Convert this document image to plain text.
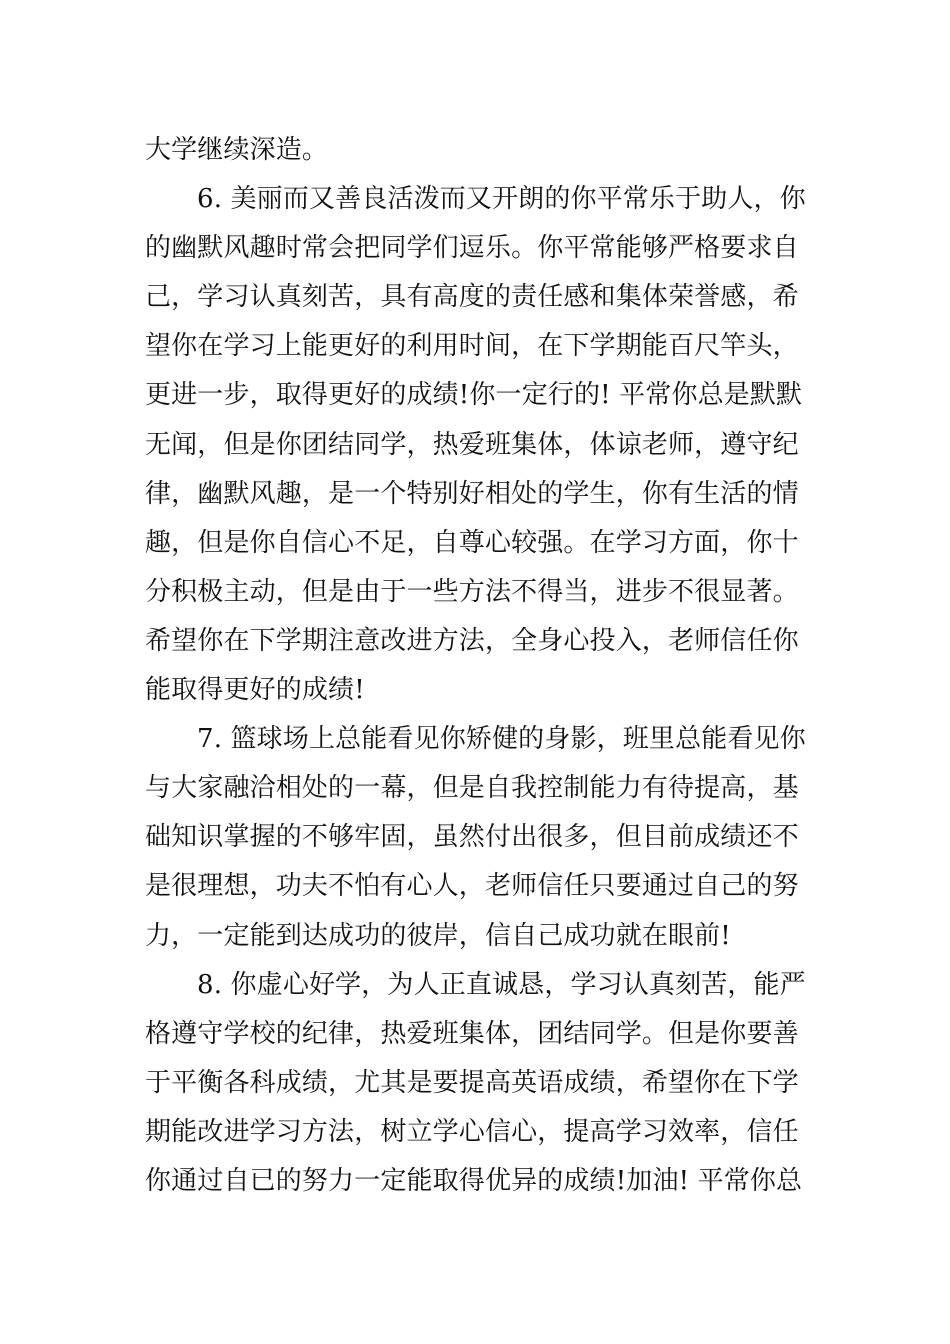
大学继续深造。
6. 美丽而又善良活泼而又开朗的你平常乐于助人，你
的幽默风趣时常会把同学们逗乐。你平常能够严格要求自
己，学习认真刻苦，具有高度的责任感和集体荣誉感，希
望你在学习上能更好的利用时间，在下学期能百尺竿头，
更进一步，取得更好的成绩!你一定行的! 平常你总是默默
无闻，但是你团结同学，热爱班集体，体谅老师，遵守纪
律，幽默风趣，是一个特别好相处的学生，你有生活的情
趣，但是你自信心不足，自尊心较强。在学习方面，你十
分积极主动，但是由于一些方法不得当，进步不很显著。
希望你在下学期注意改进方法，全身心投入，老师信任你
能取得更好的成绩!
7. 篮球场上总能看见你矫健的身影，班里总能看见你
与大家融洽相处的一幕，但是自我控制能力有待提高，基
础知识掌握的不够牢固，虽然付出很多，但目前成绩还不
是很理想，功夫不怕有心人，老师信任只要通过自己的努
力，一定能到达成功的彼岸，信自己成功就在眼前!
8. 你虚心好学，为人正直诚恳，学习认真刻苦，能严
格遵守学校的纪律，热爱班集体，团结同学。但是你要善
于平衡各科成绩，尤其是要提高英语成绩，希望你在下学
期能改进学习方法，树立学心信心，提高学习效率，信任
你通过自已的努力一定能取得优异的成绩!加油! 平常你总
